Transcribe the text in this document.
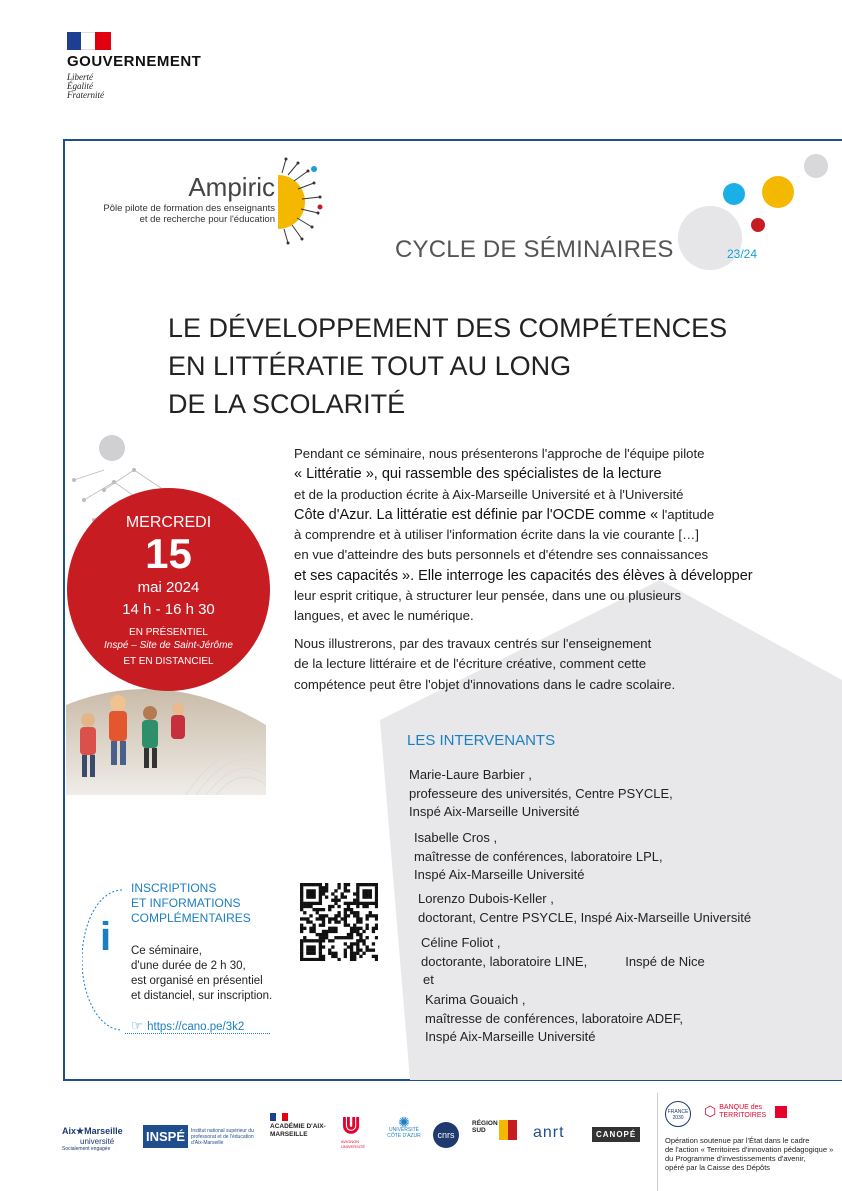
GOUVERNEMENT
Liberté
Égalité
Fraternité
Ampiric
Pôle pilote de formation des enseignants
et de recherche pour l'éducation
CYCLE DE SÉMINAIRES	23/24
LE DÉVELOPPEMENT DES COMPÉTENCES
EN LITTÉRATIE TOUT AU LONG
DE LA SCOLARITÉ
MERCREDI
15
mai 2024
14 h - 16 h 30
EN PRÉSENTIEL
Inspé – Site de Saint-Jérôme
ET EN DISTANCIEL
Pendant ce séminaire, nous présenterons l'approche de l'équipe pilote
« Littératie », qui rassemble des spécialistes de la lecture
et de la production écrite à Aix-Marseille Université et à l'Université
Côte d'Azur. La littératie est définie par l'OCDE comme « l'aptitude
à comprendre et à utiliser l'information écrite dans la vie courante […]
en vue d'atteindre des buts personnels et d'étendre ses connaissances
et ses capacités ». Elle interroge les capacités des élèves à développer
leur esprit critique, à structurer leur pensée, dans une ou plusieurs
langues, et avec le numérique.
Nous illustrerons, par des travaux centrés sur l'enseignement
de la lecture littéraire et de l'écriture créative, comment cette
compétence peut être l'objet d'innovations dans le cadre scolaire.
LES INTERVENANTS
Marie-Laure Barbier ,
professeure des universités, Centre PSYCLE,
Inspé Aix-Marseille Université
Isabelle Cros ,
maîtresse de conférences, laboratoire LPL,
Inspé Aix-Marseille Université
Lorenzo Dubois-Keller ,
doctorant, Centre PSYCLE, Inspé Aix-Marseille Université
Céline Foliot ,
doctorante, laboratoire LINE,	Inspé de Nice
et
Karima Gouaich ,
maîtresse de conférences, laboratoire ADEF,
Inspé Aix-Marseille Université
i
INSCRIPTIONS
ET INFORMATIONS
COMPLÉMENTAIRES
Ce séminaire,
d'une durée de 2 h 30,
est organisé en présentiel
et distanciel, sur inscription.
☞ https://cano.pe/3k2
Aix★Marseille
université
Socialement engagée
INSPÉ	Institut national supérieur du professorat et de l'éducation d'Aix-Marseille
ACADÉMIE D'AIX-MARSEILLE	⋓
AVIGNON UNIVERSITÉ
✺
UNIVERSITÉ CÔTE D'AZUR	cnrs
RÉGION SUD	anrt	CANOPÉ
FRANCE 2030	⬡ BANQUE des TERRITOIRES
Opération soutenue par l'État dans le cadre
de l'action « Territoires d'innovation pédagogique »
du Programme d'investissements d'avenir,
opéré par la Caisse des Dépôts
